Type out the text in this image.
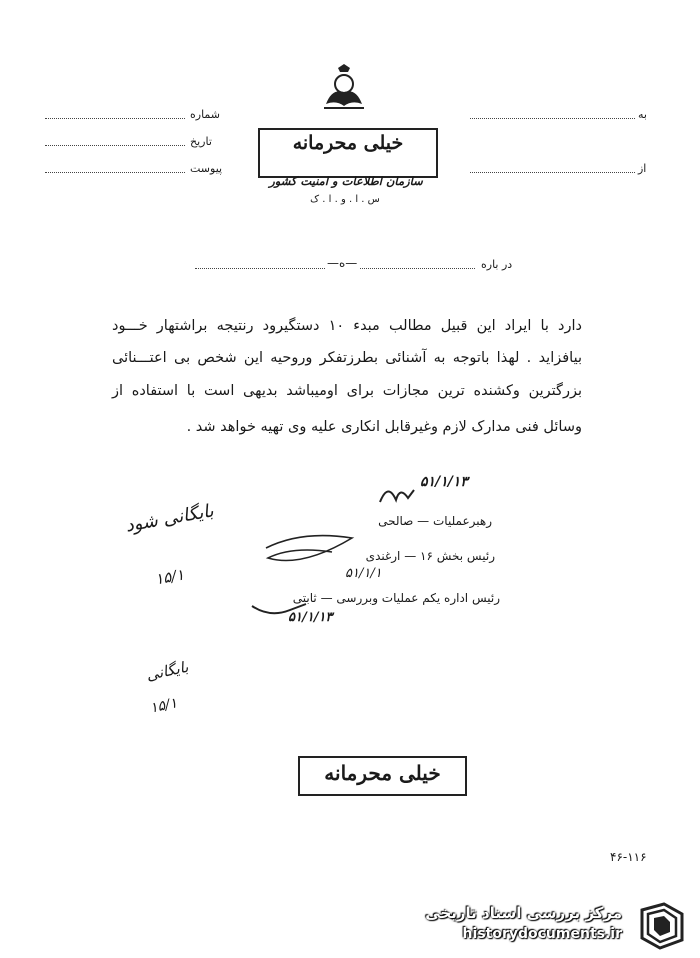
شماره
تاریخ
پیوست
به
از
خیلی محرمانه
سازمان اطلاعات و امنیت کشور
س . ا . و . ا . ک
—ه—	در باره
دارد با ایراد این قبیل مطالب مبدء ۱۰ دستگیرود رنتیجه براشتهار خـــود
بیافزاید . لهذا باتوجه به آشنائی بطرزتفکر وروحیه این شخص بی اعتـــنائی
بزرگترین وکشنده ترین مجازات برای اومیباشد بدیهی است با استفاده از
وسائل فنی مدارک لازم وغیرقابل انکاری علیه وی تهیه خواهد شد .
۵۱/۱/۱۳
رهبرعملیات — صالحی
رئیس بخش ۱۶ — ارغندی
۵۱/۱/۱
رئیس اداره یکم عملیات وبررسی — ثابتی
۵۱/۱/۱۳
بایگانی شود
۱۵/۱
بایگانی
۱۵/۱
خیلی محرمانه
۴۶-۱۱۶
مرکز بررسی اسناد تاریخی
historydocuments.ir
